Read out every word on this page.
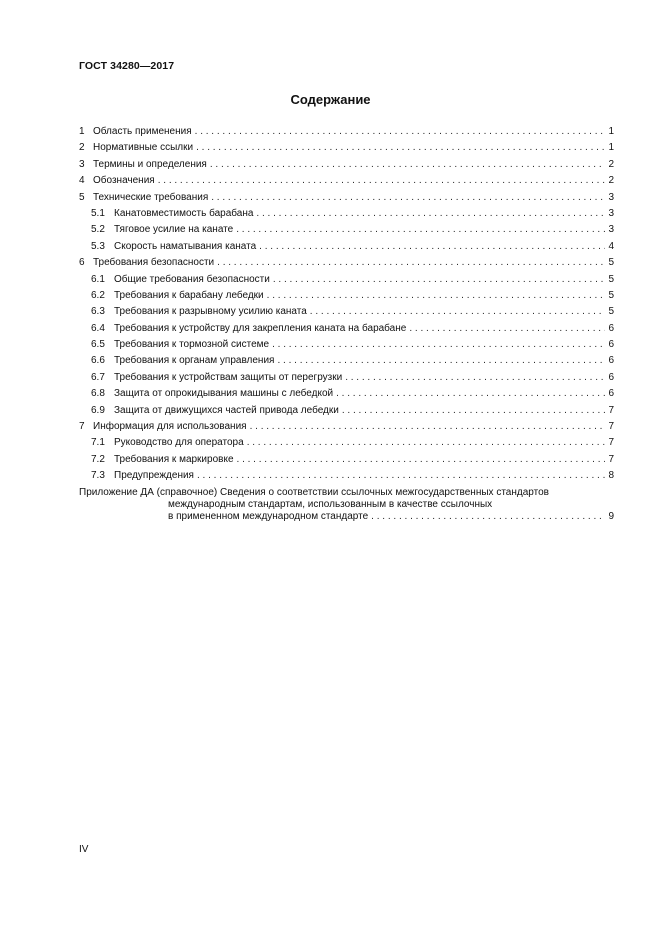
ГОСТ 34280—2017
Содержание
1 Область применения . . .	1
2 Нормативные ссылки . . .	1
3 Термины и определения . . .	2
4 Обозначения . . .	2
5 Технические требования . . .	3
5.1 Канатовместимость барабана . . .	3
5.2 Тяговое усилие на канате . . .	3
5.3 Скорость наматывания каната . . .	4
6 Требования безопасности . . .	5
6.1 Общие требования безопасности . . .	5
6.2 Требования к барабану лебедки . . .	5
6.3 Требования к разрывному усилию каната . . .	5
6.4 Требования к устройству для закрепления каната на барабане . . .	6
6.5 Требования к тормозной системе . . .	6
6.6 Требования к органам управления . . .	6
6.7 Требования к устройствам защиты от перегрузки . . .	6
6.8 Защита от опрокидывания машины с лебедкой . . .	6
6.9 Защита от движущихся частей привода лебедки . . .	7
7 Информация для использования . . .	7
7.1 Руководство для оператора . . .	7
7.2 Требования к маркировке . . .	7
7.3 Предупреждения . . .	8
Приложение ДА (справочное) Сведения о соответствии ссылочных межгосударственных стандартов
международным стандартам, использованным в качестве ссылочных
в примененном международном стандарте . . .	9
IV
